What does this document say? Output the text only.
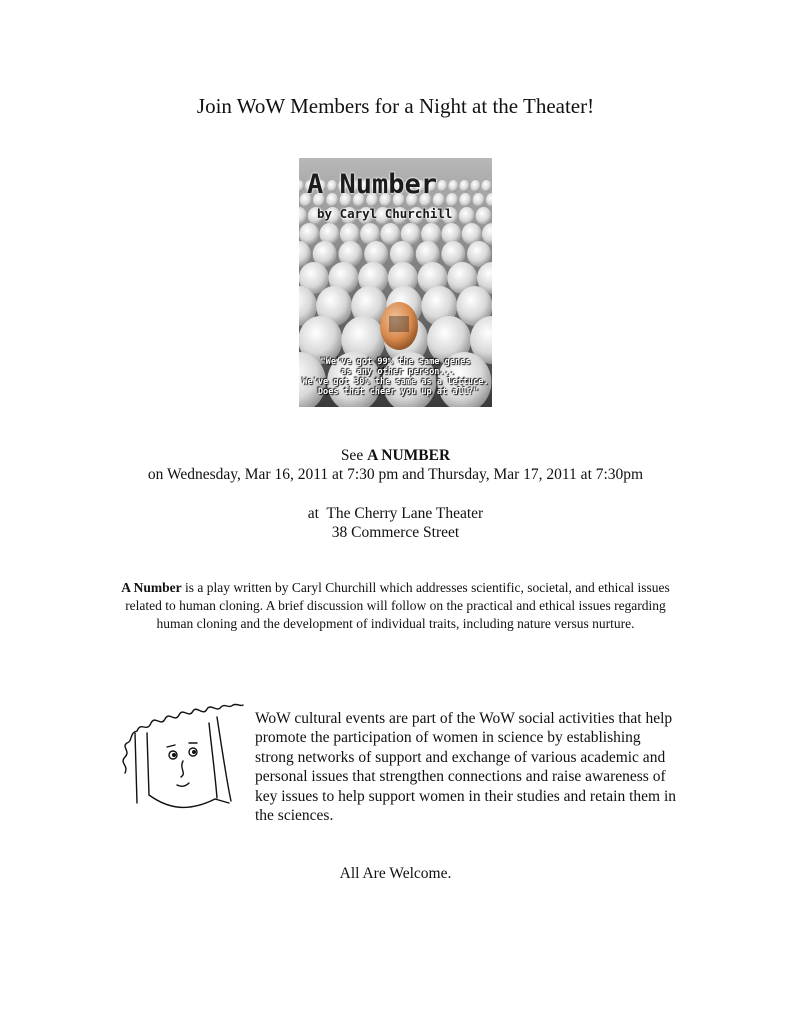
Join WoW Members for a Night at the Theater!
A Number
by Caryl Churchill
"We've got 99% the same genes
as any other person...
We've got 30% the same as a lettuce.
Does that cheer you up at all?"
See A NUMBER
on Wednesday, Mar 16, 2011 at 7:30 pm and Thursday, Mar 17, 2011 at 7:30pm
at  The Cherry Lane Theater
38 Commerce Street
A Number is a play written by Caryl Churchill which addresses scientific, societal, and ethical issues related to human cloning. A brief discussion will follow on the practical and ethical issues regarding human cloning and the development of individual traits, including nature versus nurture.
WoW cultural events are part of the WoW social activities that help promote the participation of women in science by establishing strong networks of support and exchange of various academic and personal issues that strengthen connections and raise awareness of key issues to help support women in their studies and retain them in the sciences.
All Are Welcome.
